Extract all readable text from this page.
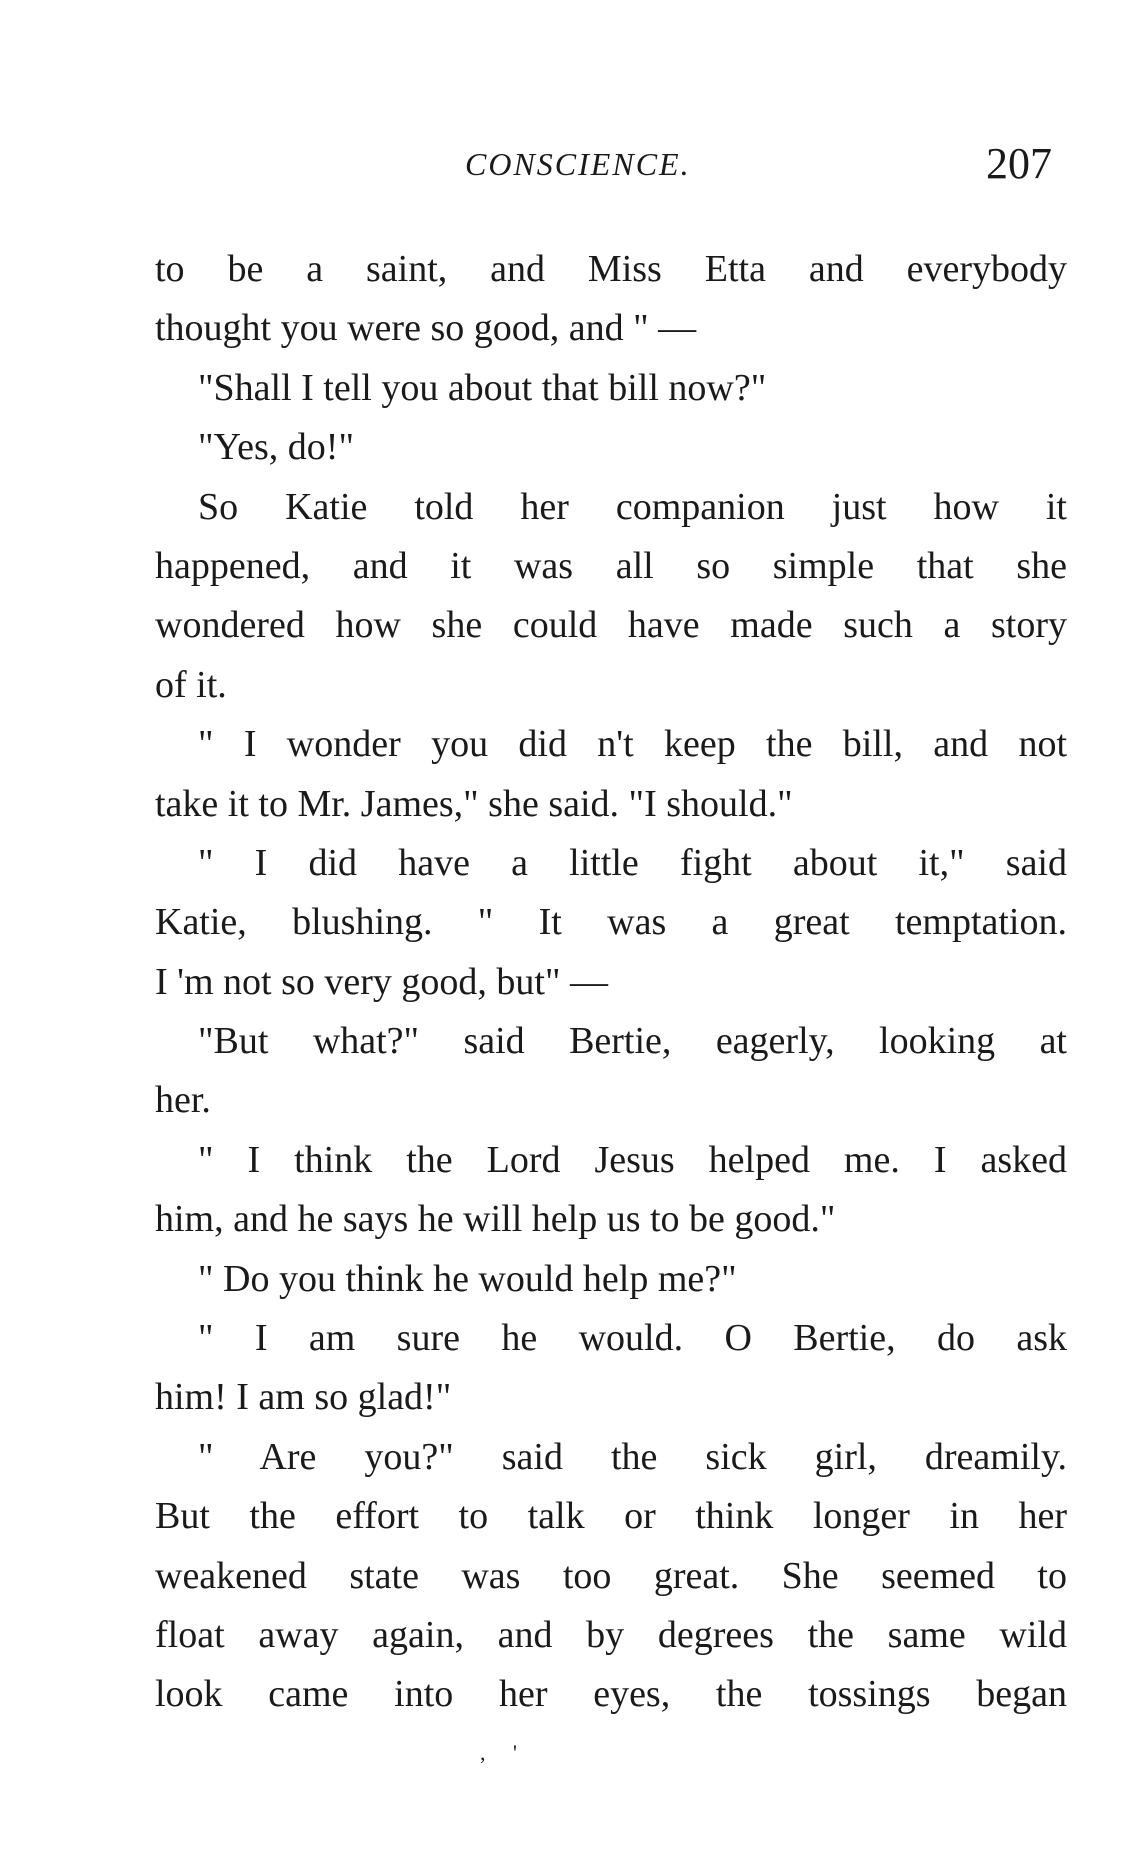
CONSCIENCE.	207
to be a saint, and Miss Etta and everybody
thought you were so good, and " —
"Shall I tell you about that bill now?"
"Yes, do!"
So Katie told her companion just how it
happened, and it was all so simple that she
wondered how she could have made such a story
of it.
" I wonder you did n't keep the bill, and not
take it to Mr. James," she said. "I should."
" I did have a little fight about it," said
Katie, blushing. " It was a great temptation.
I 'm not so very good, but" —
"But what?" said Bertie, eagerly, looking at
her.
" I think the Lord Jesus helped me. I asked
him, and he says he will help us to be good."
" Do you think he would help me?"
" I am sure he would. O Bertie, do ask
him! I am so glad!"
" Are you?" said the sick girl, dreamily.
But the effort to talk or think longer in her
weakened state was too great. She seemed to
float away again, and by degrees the same wild
look came into her eyes, the tossings began
,     '
